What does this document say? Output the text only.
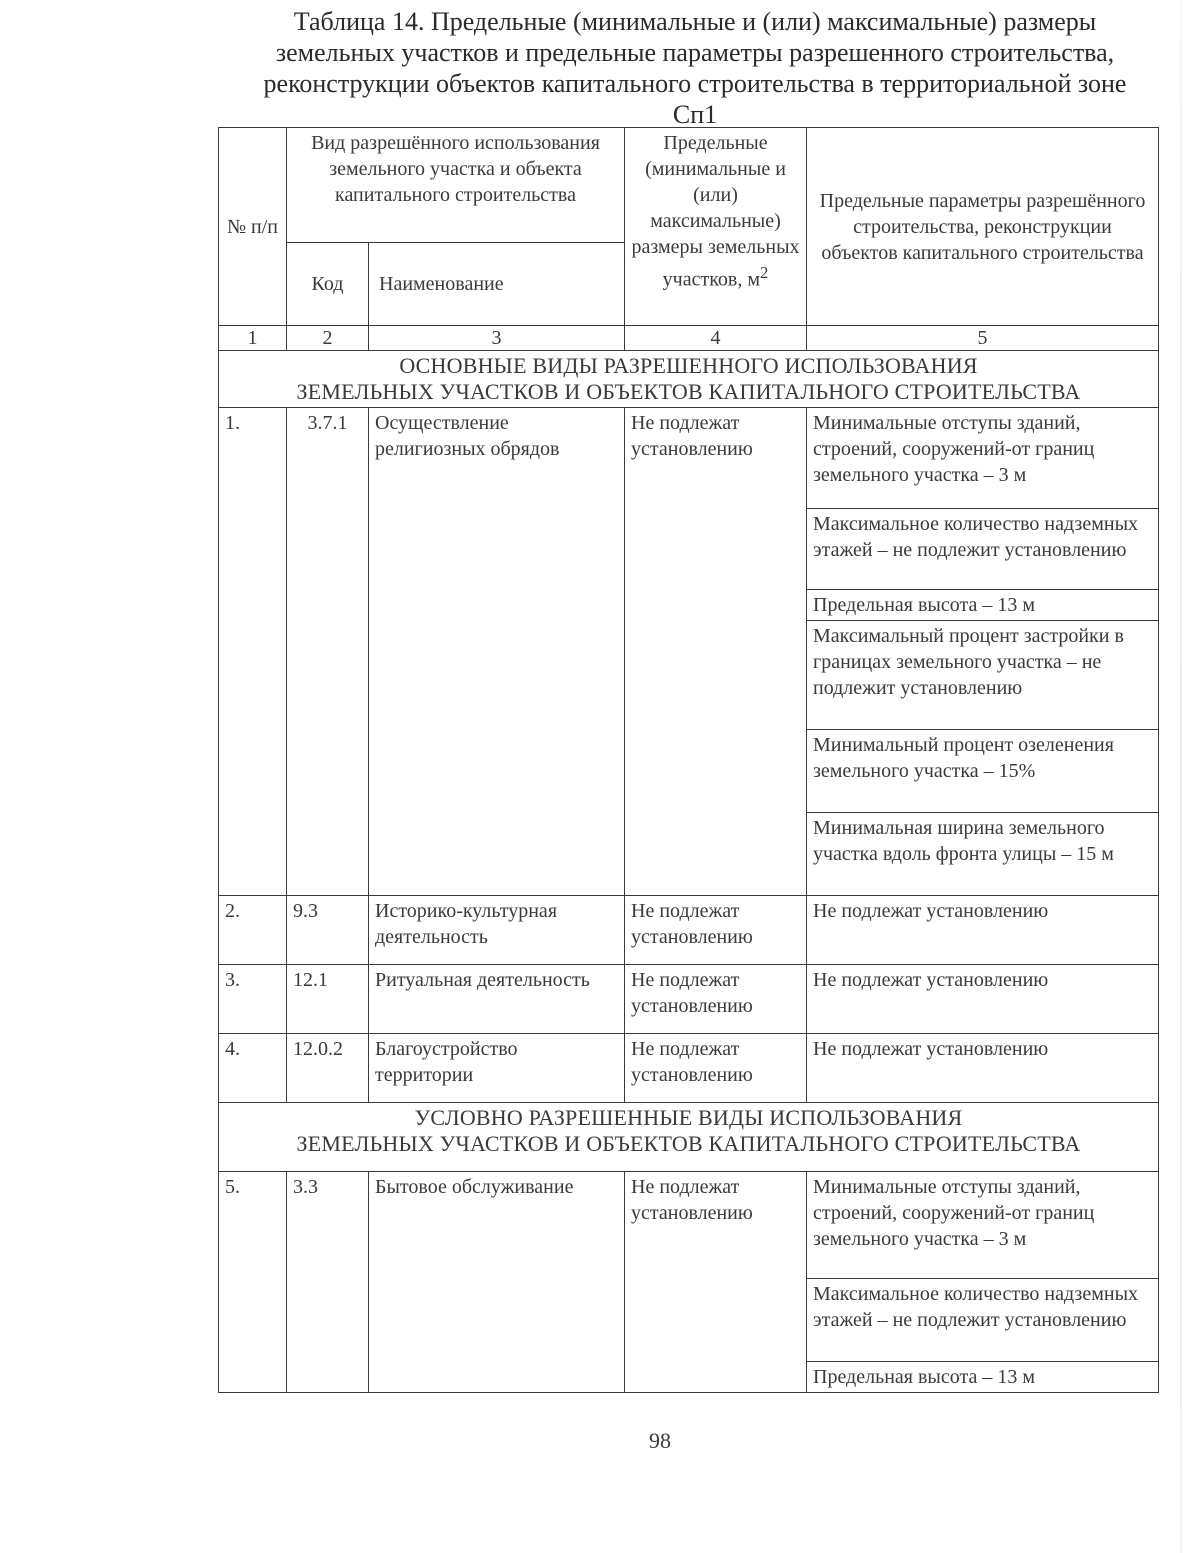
Таблица 14. Предельные (минимальные и (или) максимальные) размеры
земельных участков и предельные параметры разрешенного строительства,
реконструкции объектов капитального строительства в территориальной зоне
Сп1
№ п/п	Вид разрешённого использования земельного участка и объекта капитального строительства		Предельные (минимальные и (или) максимальные) размеры земельных участков, $м^2$	Предельные параметры разрешённого строительства, реконструкции объектов капитального строительства
	Код	Наименование		
1	2	3	4	5

ОСНОВНЫЕ ВИДЫ РАЗРЕШЕННОГО ИСПОЛЬЗОВАНИЯ
ЗЕМЕЛЬНЫХ УЧАСТКОВ И ОБЪЕКТОВ КАПИТАЛЬНОГО СТРОИТЕЛЬСТВА				

1.	3.7.1	Осуществление религиозных обрядов	Не подлежат установлению	Минимальные отступы зданий, строений, сооружений-от границ земельного участка – 3 м
				Максимальное количество надземных этажей – не подлежит установлению
				Предельная высота – 13 м
				Максимальный процент застройки в границах земельного участка – не подлежит установлению
				Минимальный процент озеленения земельного участка – 15%
				Минимальная ширина земельного участка вдоль фронта улицы – 15 м
2.	9.3	Историко-культурная деятельность	Не подлежат установлению	Не подлежат установлению
3.	12.1	Ритуальная деятельность	Не подлежат установлению	Не подлежат установлению
4.	12.0.2	Благоустройство территории	Не подлежат установлению	Не подлежат установлению

УСЛОВНО РАЗРЕШЕННЫЕ ВИДЫ ИСПОЛЬЗОВАНИЯ
ЗЕМЕЛЬНЫХ УЧАСТКОВ И ОБЪЕКТОВ КАПИТАЛЬНОГО СТРОИТЕЛЬСТВА				

5.	3.3	Бытовое обслуживание	Не подлежат установлению	Минимальные отступы зданий, строений, сооружений-от границ земельного участка – 3 м
				Максимальное количество надземных этажей – не подлежит установлению
				Предельная высота – 13 м
98
